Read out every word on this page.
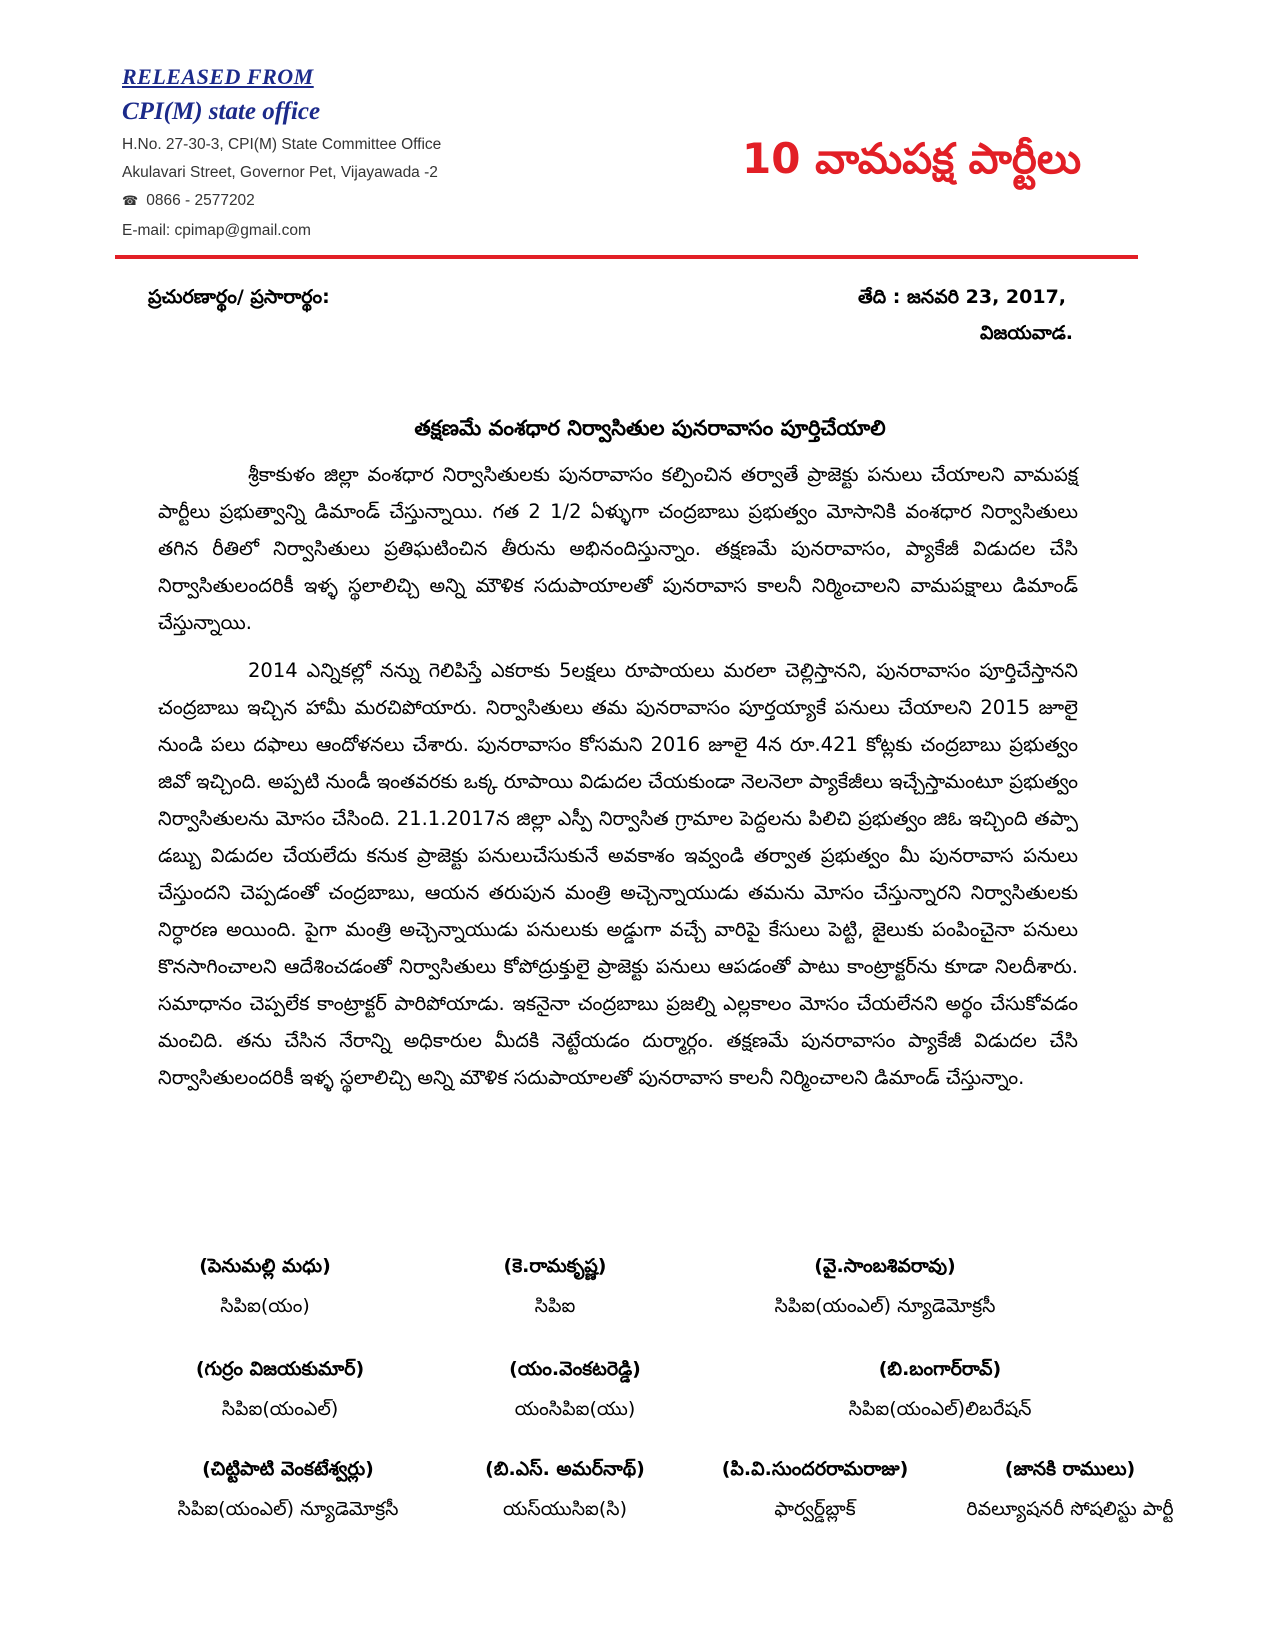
RELEASED FROM
CPI(M) state office
H.No. 27-30-3, CPI(M) State Committee Office
Akulavari Street, Governor Pet, Vijayawada -2
☎ 0866 - 2577202
E-mail: cpimap@gmail.com
10 వామపక్ష పార్టీలు
ప్రచురణార్థం/ ప్రసారార్థం:	తేది : జనవరి 23, 2017,
విజయవాడ.
తక్షణమే వంశధార నిర్వాసితుల పునరావాసం పూర్తిచేయాలి
శ్రీకాకుళం జిల్లా వంశధార నిర్వాసితులకు పునరావాసం కల్పించిన తర్వాతే ప్రాజెక్టు పనులు చేయాలని వామపక్ష పార్టీలు ప్రభుత్వాన్ని డిమాండ్ చేస్తున్నాయి. గత 2 1/2 ఏళ్ళుగా చంద్రబాబు ప్రభుత్వం మోసానికి వంశధార నిర్వాసితులు తగిన రీతిలో నిర్వాసితులు ప్రతిఘటించిన తీరును అభినందిస్తున్నాం. తక్షణమే పునరావాసం, ప్యాకేజీ విడుదల చేసి నిర్వాసితులందరికీ ఇళ్ళ స్థలాలిచ్చి అన్ని మౌళిక సదుపాయాలతో పునరావాస కాలనీ నిర్మించాలని వామపక్షాలు డిమాండ్ చేస్తున్నాయి.
2014 ఎన్నికల్లో నన్ను గెలిపిస్తే ఎకరాకు 5లక్షలు రూపాయలు మరలా చెల్లిస్తానని, పునరావాసం పూర్తిచేస్తానని చంద్రబాబు ఇచ్చిన హామీ మరచిపోయారు. నిర్వాసితులు తమ పునరావాసం పూర్తయ్యాకే పనులు చేయాలని 2015 జూలై నుండి పలు దఫాలు ఆందోళనలు చేశారు. పునరావాసం కోసమని 2016 జూలై 4న రూ.421 కోట్లకు చంద్రబాబు ప్రభుత్వం జివో ఇచ్చింది. అప్పటి నుండీ ఇంతవరకు ఒక్క రూపాయి విడుదల చేయకుండా నెలనెలా ప్యాకేజీలు ఇచ్చేస్తామంటూ ప్రభుత్వం నిర్వాసితులను మోసం చేసింది. 21.1.2017న జిల్లా ఎస్పీ నిర్వాసిత గ్రామాల పెద్దలను పిలిచి ప్రభుత్వం జిఓ ఇచ్చింది తప్పా డబ్బు విడుదల చేయలేదు కనుక ప్రాజెక్టు పనులుచేసుకునే అవకాశం ఇవ్వండి తర్వాత ప్రభుత్వం మీ పునరావాస పనులు చేస్తుందని చెప్పడంతో చంద్రబాబు, ఆయన తరుపున మంత్రి అచ్చెన్నాయుడు తమను మోసం చేస్తున్నారని నిర్వాసితులకు నిర్ధారణ అయింది. పైగా మంత్రి అచ్చెన్నాయుడు పనులుకు అడ్డుగా వచ్చే వారిపై కేసులు పెట్టి, జైలుకు పంపించైనా పనులు కొనసాగించాలని ఆదేశించడంతో నిర్వాసితులు కోపోద్రుక్తులై ప్రాజెక్టు పనులు ఆపడంతో పాటు కాంట్రాక్టర్‌ను కూడా నిలదీశారు. సమాధానం చెప్పలేక కాంట్రాక్టర్ పారిపోయాడు. ఇకనైనా చంద్రబాబు ప్రజల్ని ఎల్లకాలం మోసం చేయలేనని అర్థం చేసుకోవడం మంచిది. తను చేసిన నేరాన్ని అధికారుల మీదకి నెట్టేయడం దుర్మార్గం. తక్షణమే పునరావాసం ప్యాకేజీ విడుదల చేసి నిర్వాసితులందరికీ ఇళ్ళ స్థలాలిచ్చి అన్ని మౌళిక సదుపాయాలతో పునరావాస కాలనీ నిర్మించాలని డిమాండ్ చేస్తున్నాం.
(పెనుమల్లి మధు)
సిపిఐ(యం)
(కె.రామకృష్ణ)
సిపిఐ
(వై.సాంబశివరావు)
సిపిఐ(యంఎల్) న్యూడెమోక్రసీ
(గుర్రం విజయకుమార్)
సిపిఐ(యంఎల్)
(యం.వెంకటరెడ్డి)
యంసిపిఐ(యు)
(బి.బంగార్‌రావ్)
సిపిఐ(యంఎల్)లిబరేషన్
(చిట్టిపాటి వెంకటేశ్వర్లు)
సిపిఐ(యంఎల్) న్యూడెమోక్రసీ
(బి.ఎస్. అమర్‌నాథ్)
యస్‌యుసిఐ(సి)
(పి.వి.సుందరరామరాజు)
ఫార్వర్డ్‌బ్లాక్
(జానకి రాములు)
రివల్యూషనరీ సోషలిస్టు పార్టీ
